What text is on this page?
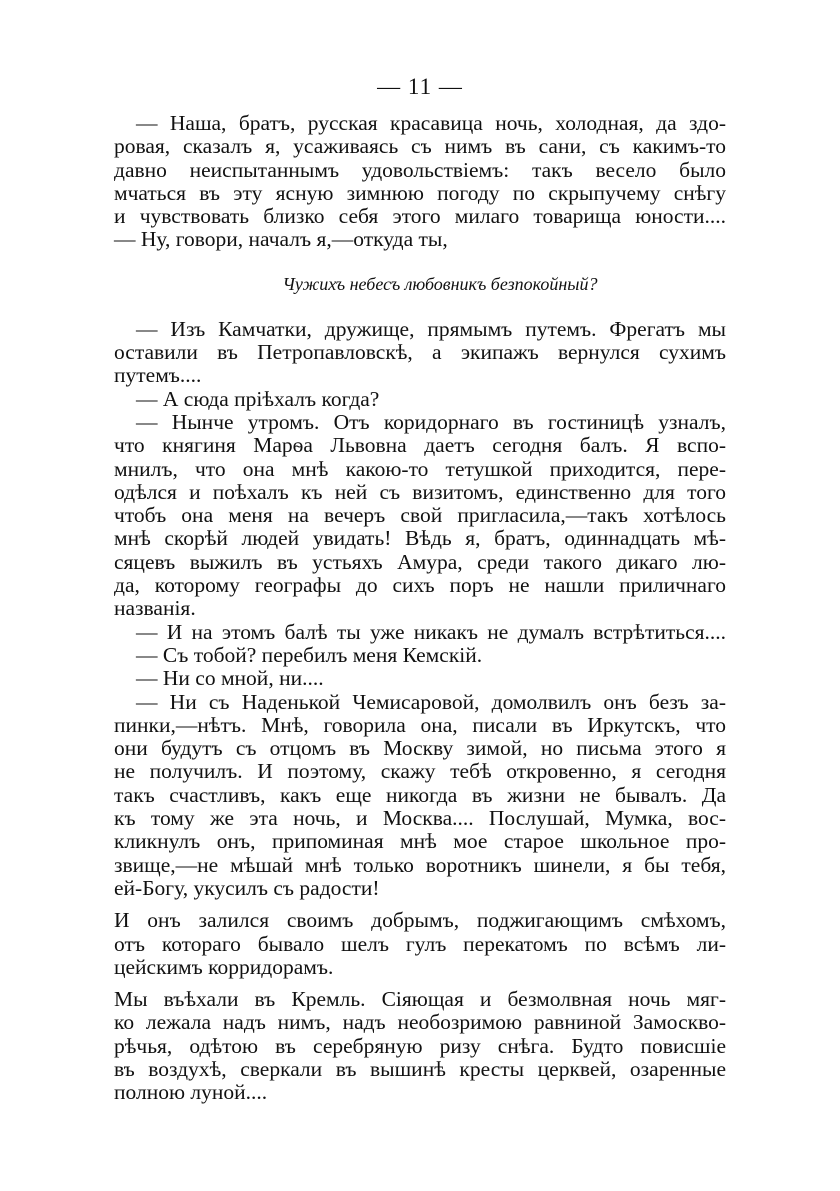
— 11 —
— Наша, братъ, русская красавица ночь, холодная, да здо-
ровая, сказалъ я, усаживаясь съ нимъ въ сани, съ какимъ-то
давно неиспытаннымъ удовольствіемъ: такъ весело было
мчаться въ эту ясную зимнюю погоду по скрыпучему снѣгу
и чувствовать близко себя этого милаго товарища юности....
— Ну, говори, началъ я,—откуда ты,
Чужихъ небесъ любовникъ безпокойный?
— Изъ Камчатки, дружище, прямымъ путемъ. Фрегатъ мы
оставили въ Петропавловскѣ, а экипажъ вернулся сухимъ
путемъ....
— А сюда пріѣхалъ когда?
— Нынче утромъ. Отъ коридорнаго въ гостиницѣ узналъ,
что княгиня Марѳа Львовна даетъ сегодня балъ. Я вспо-
мнилъ, что она мнѣ какою-то тетушкой приходится, пере-
одѣлся и поѣхалъ къ ней съ визитомъ, единственно для того
чтобъ она меня на вечеръ свой пригласила,—такъ хотѣлось
мнѣ скорѣй людей увидать! Вѣдь я, братъ, одиннадцать мѣ-
сяцевъ выжилъ въ устьяхъ Амура, среди такого дикаго лю-
да, которому географы до сихъ поръ не нашли приличнаго
названія.
— И на этомъ балѣ ты уже никакъ не думалъ встрѣтиться....
— Съ тобой? перебилъ меня Кемскій.
— Ни со мной, ни....
— Ни съ Наденькой Чемисаровой, домолвилъ онъ безъ за-
пинки,—нѣтъ. Мнѣ, говорила она, писали въ Иркутскъ, что
они будутъ съ отцомъ въ Москву зимой, но письма этого я
не получилъ. И поэтому, скажу тебѣ откровенно, я сегодня
такъ счастливъ, какъ еще никогда въ жизни не бывалъ. Да
къ тому же эта ночь, и Москва.... Послушай, Мумка, вос-
кликнулъ онъ, припоминая мнѣ мое старое школьное про-
звище,—не мѣшай мнѣ только воротникъ шинели, я бы тебя,
ей-Богу, укусилъ съ радости!
И онъ залился своимъ добрымъ, поджигающимъ смѣхомъ,
отъ котораго бывало шелъ гулъ перекатомъ по всѣмъ ли-
цейскимъ корридорамъ.
Мы въѣхали въ Кремль. Сіяющая и безмолвная ночь мяг-
ко лежала надъ нимъ, надъ необозримою равниной Замоскво-
рѣчья, одѣтою въ серебряную ризу снѣга. Будто повисшіе
въ воздухѣ, сверкали въ вышинѣ кресты церквей, озаренные
полною луной....
